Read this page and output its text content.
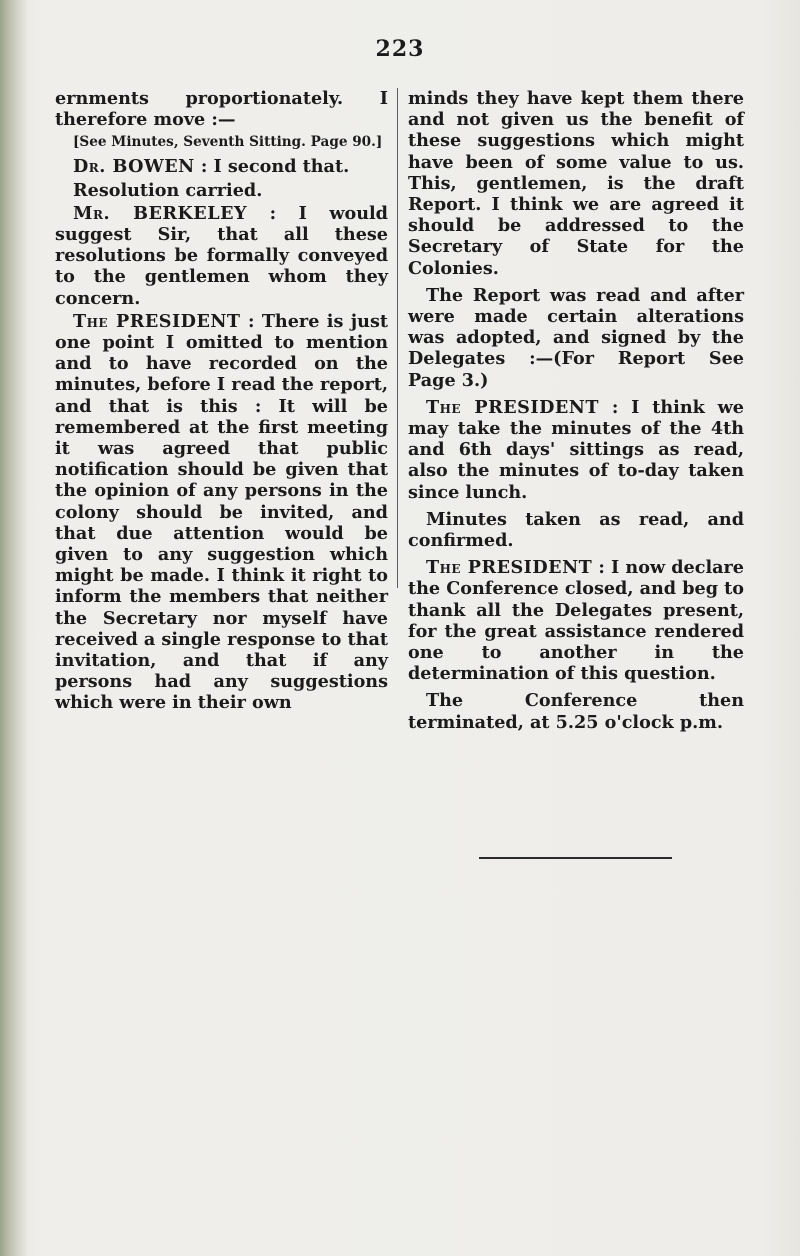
223

ernments proportionately. I therefore move :—

[See Minutes, Seventh Sitting. Page 90.]

Dr. BOWEN : I second that.

Resolution carried.

Mr. BERKELEY : I would suggest Sir, that all these resolutions be formally conveyed to the gentlemen whom they concern.

The PRESIDENT : There is just one point I omitted to mention and to have recorded on the minutes, before I read the report, and that is this : It will be remembered at the first meeting it was agreed that public notification should be given that the opinion of any persons in the colony should be invited, and that due attention would be given to any suggestion which might be made. I think it right to inform the members that neither the Secretary nor myself have received a single response to that invitation, and that if any persons had any suggestions which were in their own

minds they have kept them there and not given us the benefit of these suggestions which might have been of some value to us. This, gentlemen, is the draft Report. I think we are agreed it should be addressed to the Secretary of State for the Colonies.

The Report was read and after were made certain alterations was adopted, and signed by the Delegates :—(For Report See Page 3.)

The PRESIDENT : I think we may take the minutes of the 4th and 6th days' sittings as read, also the minutes of to-day taken since lunch.

Minutes taken as read, and confirmed.

The PRESIDENT : I now declare the Conference closed, and beg to thank all the Delegates present, for the great assistance rendered one to another in the determination of this question.

The Conference then terminated, at 5.25 o'clock p.m.
